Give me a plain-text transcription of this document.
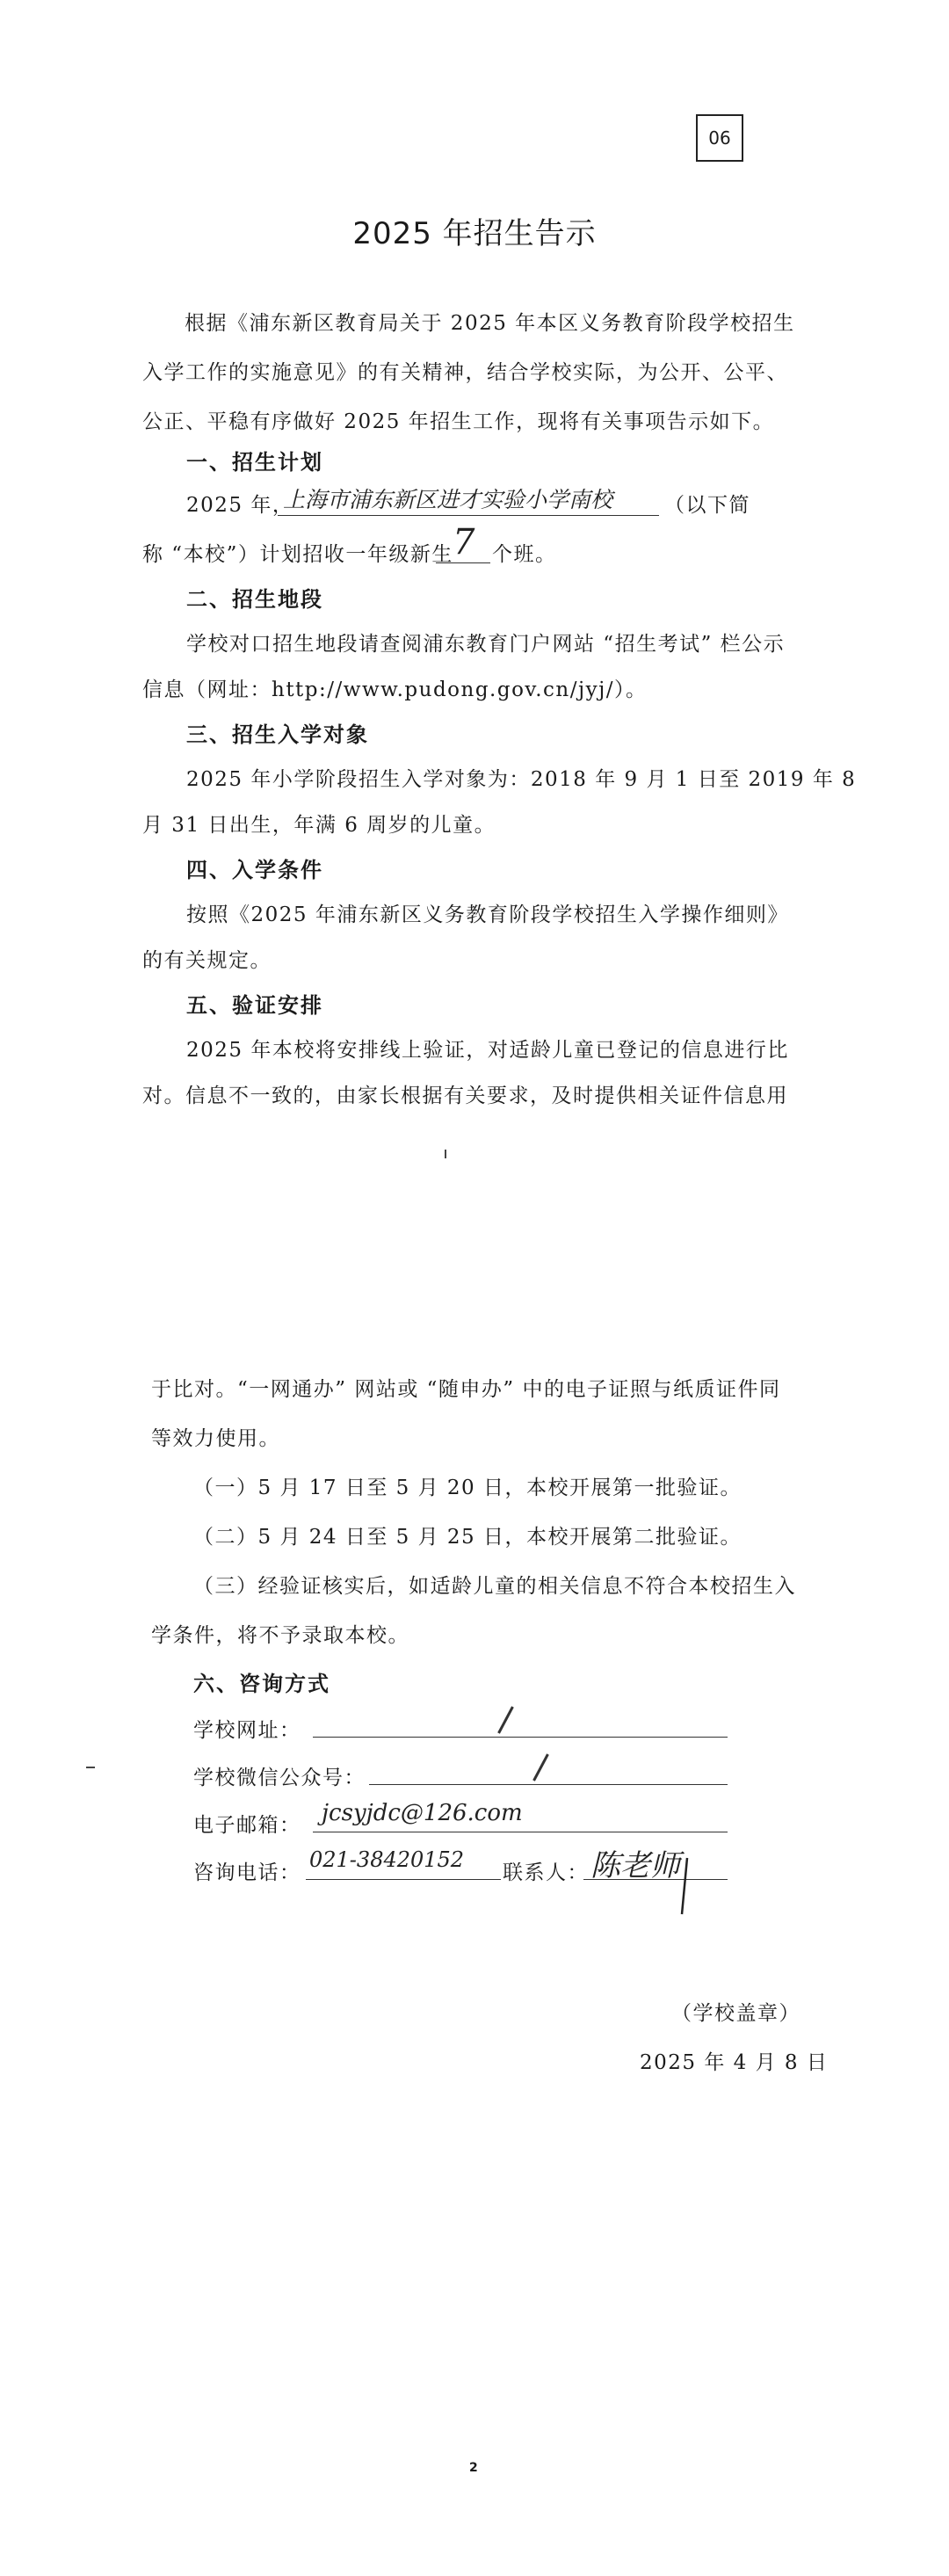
06
2025 年招生告示
根据《浦东新区教育局关于 2025 年本区义务教育阶段学校招生
入学工作的实施意见》的有关精神，结合学校实际，为公开、公平、
公正、平稳有序做好 2025 年招生工作，现将有关事项告示如下。
一、招生计划
2025 年，
上海市浦东新区进才实验小学南校	（以下简
称 “本校”）计划招收一年级新生 7 个班。
二、招生地段
学校对口招生地段请查阅浦东教育门户网站 “招生考试” 栏公示
信息（网址：http://www.pudong.gov.cn/jyj/）。
三、招生入学对象
2025 年小学阶段招生入学对象为：2018 年 9 月 1 日至 2019 年 8
月 31 日出生，年满 6 周岁的儿童。
四、入学条件
按照《2025 年浦东新区义务教育阶段学校招生入学操作细则》
的有关规定。
五、验证安排
2025 年本校将安排线上验证，对适龄儿童已登记的信息进行比
对。信息不一致的，由家长根据有关要求，及时提供相关证件信息用
于比对。“一网通办” 网站或 “随申办” 中的电子证照与纸质证件同
等效力使用。
（一）5 月 17 日至 5 月 20 日，本校开展第一批验证。
（二）5 月 24 日至 5 月 25 日，本校开展第二批验证。
（三）经验证核实后，如适龄儿童的相关信息不符合本校招生入
学条件，将不予录取本校。
六、咨询方式
学校网址：
学校微信公众号：
电子邮箱： jcsyjdc@126.com
咨询电话：
021-38420152
联系人： 陈老师
（学校盖章）
2025 年 4 月 8 日
2
